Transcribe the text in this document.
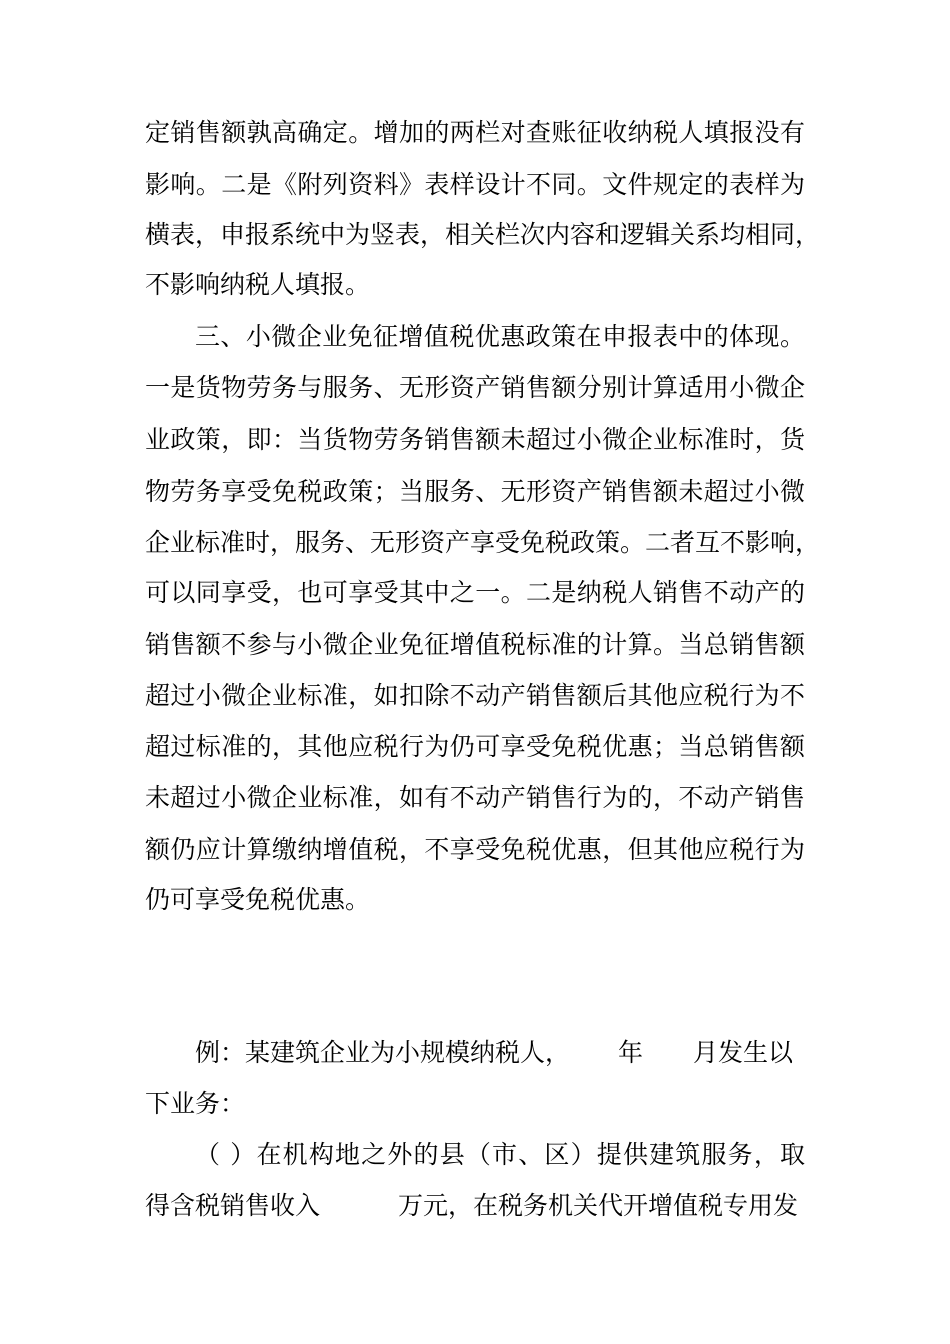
定销售额孰高确定。增加的两栏对查账征收纳税人填报没有
影响。二是《附列资料》表样设计不同。文件规定的表样为
横表，申报系统中为竖表，相关栏次内容和逻辑关系均相同，
不影响纳税人填报。
三、小微企业免征增值税优惠政策在申报表中的体现。
一是货物劳务与服务、无形资产销售额分别计算适用小微企
业政策，即：当货物劳务销售额未超过小微企业标准时，货
物劳务享受免税政策；当服务、无形资产销售额未超过小微
企业标准时，服务、无形资产享受免税政策。二者互不影响，
可以同享受，也可享受其中之一。二是纳税人销售不动产的
销售额不参与小微企业免征增值税标准的计算。当总销售额
超过小微企业标准，如扣除不动产销售额后其他应税行为不
超过标准的，其他应税行为仍可享受免税优惠；当总销售额
未超过小微企业标准，如有不动产销售行为的，不动产销售
额仍应计算缴纳增值税，不享受免税优惠，但其他应税行为
仍可享受免税优惠。
例：某建筑企业为小规模纳税人， 年 月发生以
下业务：
（ ）在机构地之外的县（市、区）提供建筑服务，取
得含税销售收入	万元，在税务机关代开增值税专用发
